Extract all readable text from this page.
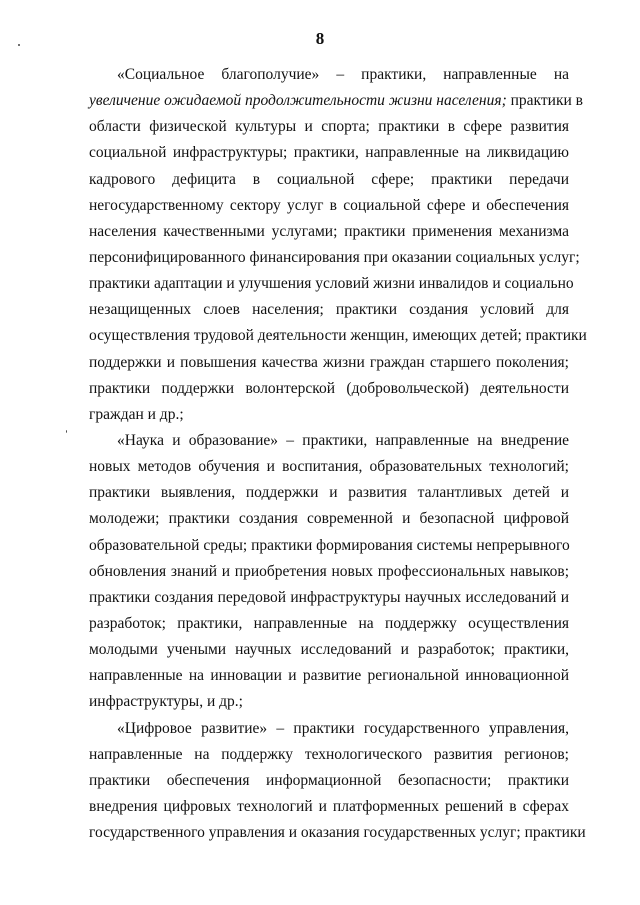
8
«Социальное благополучие» – практики, направленные на
увеличение ожидаемой продолжительности жизни населения; практики в
области физической культуры и спорта; практики в сфере развития
социальной инфраструктуры; практики, направленные на ликвидацию
кадрового дефицита в социальной сфере; практики передачи
негосударственному сектору услуг в социальной сфере и обеспечения
населения качественными услугами; практики применения механизма
персонифицированного финансирования при оказании социальных услуг;
практики адаптации и улучшения условий жизни инвалидов и социально
незащищенных слоев населения; практики создания условий для
осуществления трудовой деятельности женщин, имеющих детей; практики
поддержки и повышения качества жизни граждан старшего поколения;
практики поддержки волонтерской (добровольческой) деятельности
граждан и др.;
«Наука и образование» – практики, направленные на внедрение
новых методов обучения и воспитания, образовательных технологий;
практики выявления, поддержки и развития талантливых детей и
молодежи; практики создания современной и безопасной цифровой
образовательной среды; практики формирования системы непрерывного
обновления знаний и приобретения новых профессиональных навыков;
практики создания передовой инфраструктуры научных исследований и
разработок; практики, направленные на поддержку осуществления
молодыми учеными научных исследований и разработок; практики,
направленные на инновации и развитие региональной инновационной
инфраструктуры, и др.;
«Цифровое развитие» – практики государственного управления,
направленные на поддержку технологического развития регионов;
практики обеспечения информационной безопасности; практики
внедрения цифровых технологий и платформенных решений в сферах
государственного управления и оказания государственных услуг; практики
